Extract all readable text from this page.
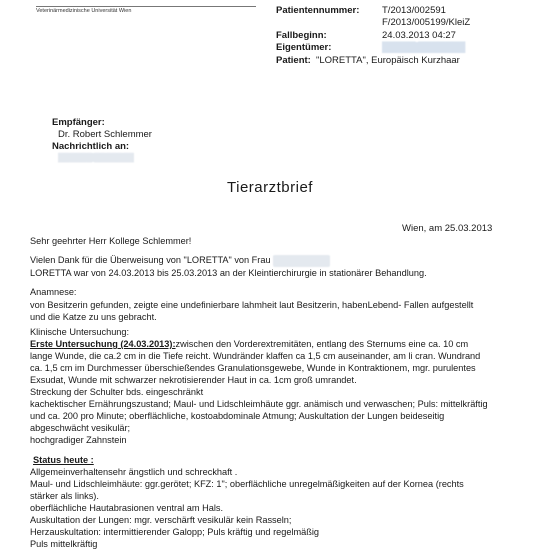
Veterinärmedizinische Universität Wien	Patientennummer: T/2013/002591
F/2013/005199/KleiZ
Fallbeginn:	24.03.2013 04:27
Eigentümer:	█████ ███████
Patient: "LORETTA", Europäisch Kurzhaar
Empfänger:
Dr. Robert Schlemmer
Nachrichtlich an:
██████ ███████
Tierarztbrief
Wien, am 25.03.2013
Sehr geehrter Herr Kollege Schlemmer!
Vielen Dank für die Überweisung von "LORETTA" von Frau ██████████
LORETTA war von 24.03.2013 bis 25.03.2013 an der Kleintierchirurgie in stationärer Behandlung.
Anamnese:
von Besitzerin gefunden, zeigte eine undefinierbare lahmheit laut Besitzerin, habenLebend- Fallen aufgestellt
und die Katze zu uns gebracht.
Klinische Untersuchung:
Erste Untersuchung (24.03.2013):zwischen den Vorderextremitäten, entlang des Sternums eine ca. 10 cm
lange Wunde, die ca.2 cm in die Tiefe reicht. Wundränder klaffen ca 1,5 cm auseinander, am li cran. Wundrand
ca. 1,5 cm im Durchmesser überschießendes Granulationsgewebe, Wunde in Kontraktionem, mgr. purulentes
Exsudat, Wunde mit schwarzer nekrotisierender Haut in ca. 1cm groß umrandet.
Streckung der Schulter bds. eingeschränkt
kachektischer Ernährungszustand; Maul- und Lidschleimhäute ggr. anämisch und verwaschen; Puls: mittelkräftig
und ca. 200 pro Minute; oberflächliche, kostoabdominale Atmung; Auskultation der Lungen beideseitig
abgeschwächt vesikulär;
hochgradiger Zahnstein
Status heute :
Allgemeinverhaltensehr ängstlich und schreckhaft .
Maul- und Lidschleimhäute: ggr.gerötet; KFZ: 1"; oberflächliche unregelmäßigkeiten auf der Kornea (rechts
stärker als links).
oberflächliche Hautabrasionen ventral am Hals.
Auskultation der Lungen: mgr. verschärft vesikulär kein Rasseln;
Herzauskultation: intermittierender Galopp; Puls kräftig und regelmäßig
Puls mittelkräftig
